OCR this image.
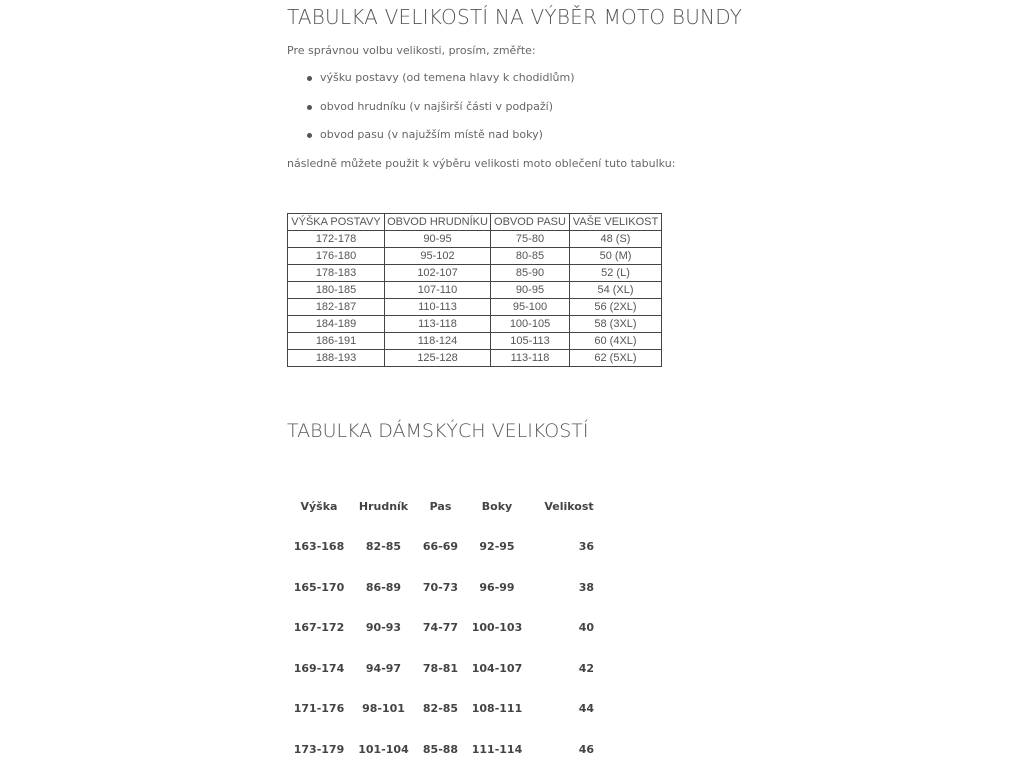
TABULKA VELIKOSTÍ NA VÝBĚR MOTO BUNDY

Pre správnou volbu velikosti, prosím, změřte:

výšku postavy (od temena hlavy k chodidlům)
obvod hrudníku (v najširší části v podpaží)
obvod pasu (v najužším místě nad boky)

následně můžete použit k výběru velikosti moto oblečení tuto tabulku:

VÝŠKA POSTAVY	OBVOD HRUDNÍKU	OBVOD PASU	VAŠE VELIKOST
172-178	90-95	75-80	48 (S)
176-180	95-102	80-85	50 (M)
178-183	102-107	85-90	52 (L)
180-185	107-110	90-95	54 (XL)
182-187	110-113	95-100	56 (2XL)
184-189	113-118	100-105	58 (3XL)
186-191	118-124	105-113	60 (4XL)
188-193	125-128	113-118	62 (5XL)
TABULKA DÁMSKÝCH VELIKOSTÍ
Výška	Hrudník	Pas	Boky	Velikost
163-168	82-85	66-69	92-95	36
165-170	86-89	70-73	96-99	38
167-172	90-93	74-77	100-103	40
169-174	94-97	78-81	104-107	42
171-176	98-101	82-85	108-111	44
173-179	101-104	85-88	111-114	46
